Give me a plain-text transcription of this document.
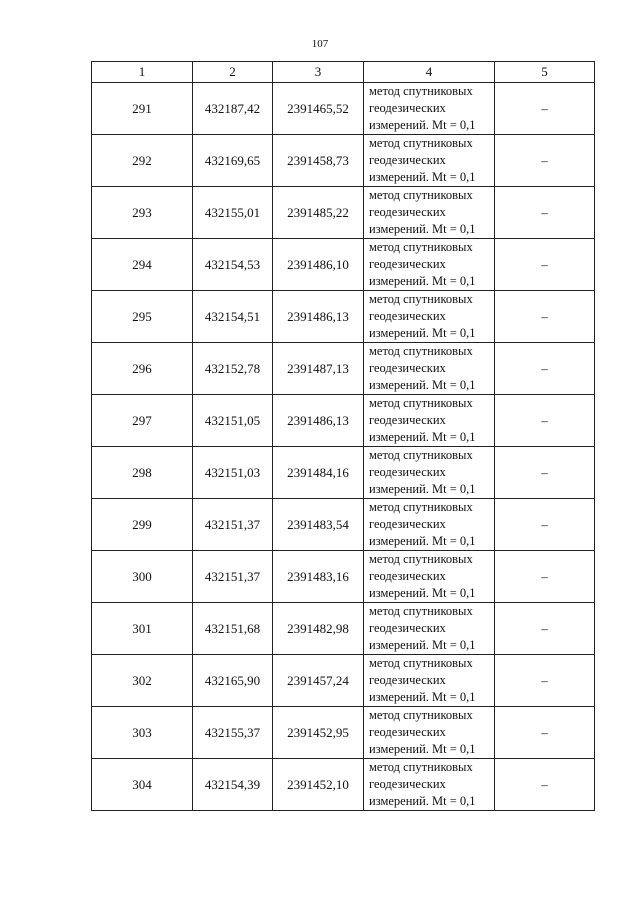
107
1	2	3	4	5
291	432187,42	2391465,52	метод спутниковых
геодезических
измерений. Mt = 0,1	–
292	432169,65	2391458,73	метод спутниковых
геодезических
измерений. Mt = 0,1	–
293	432155,01	2391485,22	метод спутниковых
геодезических
измерений. Mt = 0,1	–
294	432154,53	2391486,10	метод спутниковых
геодезических
измерений. Mt = 0,1	–
295	432154,51	2391486,13	метод спутниковых
геодезических
измерений. Mt = 0,1	–
296	432152,78	2391487,13	метод спутниковых
геодезических
измерений. Mt = 0,1	–
297	432151,05	2391486,13	метод спутниковых
геодезических
измерений. Mt = 0,1	–
298	432151,03	2391484,16	метод спутниковых
геодезических
измерений. Mt = 0,1	–
299	432151,37	2391483,54	метод спутниковых
геодезических
измерений. Mt = 0,1	–
300	432151,37	2391483,16	метод спутниковых
геодезических
измерений. Mt = 0,1	–
301	432151,68	2391482,98	метод спутниковых
геодезических
измерений. Mt = 0,1	–
302	432165,90	2391457,24	метод спутниковых
геодезических
измерений. Mt = 0,1	–
303	432155,37	2391452,95	метод спутниковых
геодезических
измерений. Mt = 0,1	–
304	432154,39	2391452,10	метод спутниковых
геодезических
измерений. Mt = 0,1	–
